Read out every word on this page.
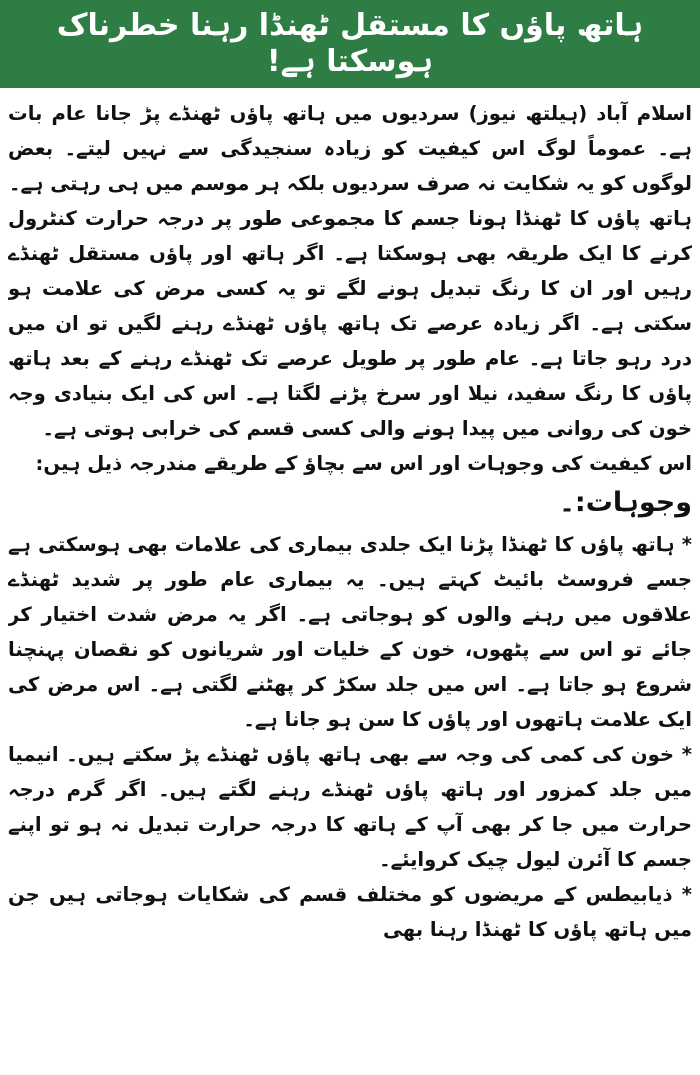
ہاتھ پاؤں کا مستقل ٹھنڈا رہنا خطرناک ہوسکتا ہے!

اسلام آباد (ہیلتھ نیوز) سردیوں میں ہاتھ پاؤں ٹھنڈے پڑ جانا عام بات ہے۔ عموماً لوگ اس کیفیت کو زیادہ سنجیدگی سے نہیں لیتے۔ بعض لوگوں کو یہ شکایت نہ صرف سردیوں بلکہ ہر موسم میں ہی رہتی ہے۔

ہاتھ پاؤں کا ٹھنڈا ہونا جسم کا مجموعی طور پر درجہ حرارت کنٹرول کرنے کا ایک طریقہ بھی ہوسکتا ہے۔ اگر ہاتھ اور پاؤں مستقل ٹھنڈے رہیں اور ان کا رنگ تبدیل ہونے لگے تو یہ کسی مرض کی علامت ہو سکتی ہے۔ اگر زیادہ عرصے تک ہاتھ پاؤں ٹھنڈے رہنے لگیں تو ان میں درد رہو جاتا ہے۔ عام طور پر طویل عرصے تک ٹھنڈے رہنے کے بعد ہاتھ پاؤں کا رنگ سفید، نیلا اور سرخ پڑنے لگتا ہے۔ اس کی ایک بنیادی وجہ خون کی روانی میں پیدا ہونے والی کسی قسم کی خرابی ہوتی ہے۔

اس کیفیت کی وجوہات اور اس سے بچاؤ کے طریقے مندرجہ ذیل ہیں:

وجوہات:۔

* ہاتھ پاؤں کا ٹھنڈا پڑنا ایک جلدی بیماری کی علامات بھی ہوسکتی ہے جسے فروسٹ بائیٹ کہتے ہیں۔ یہ بیماری عام طور پر شدید ٹھنڈے علاقوں میں رہنے والوں کو ہوجاتی ہے۔ اگر یہ مرض شدت اختیار کر جائے تو اس سے پٹھوں، خون کے خلیات اور شریانوں کو نقصان پہنچنا شروع ہو جاتا ہے۔ اس میں جلد سکڑ کر پھٹنے لگتی ہے۔ اس مرض کی ایک علامت ہاتھوں اور پاؤں کا سن ہو جانا ہے۔

* خون کی کمی کی وجہ سے بھی ہاتھ پاؤں ٹھنڈے پڑ سکتے ہیں۔ انیمیا میں جلد کمزور اور ہاتھ پاؤں ٹھنڈے رہنے لگتے ہیں۔ اگر گرم درجہ حرارت میں جا کر بھی آپ کے ہاتھ کا درجہ حرارت تبدیل نہ ہو تو اپنے جسم کا آئرن لیول چیک کروایئے۔

* ذیابیطس کے مریضوں کو مختلف قسم کی شکایات ہوجاتی ہیں جن میں ہاتھ پاؤں کا ٹھنڈا رہنا بھی
